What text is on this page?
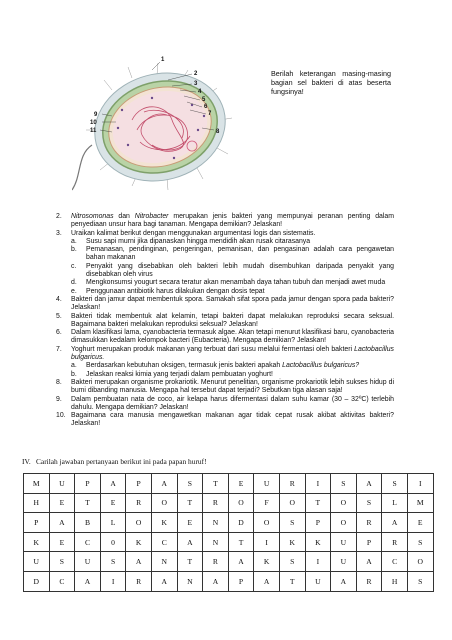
1
2
3
4
5
6
7
8
9
10
11
Berilah keterangan masing-masing bagian sel bakteri di atas beserta fungsinya!
2.	Nitrosomonas dan Nitrobacter merupakan jenis bakteri yang mempunyai peranan penting dalam penyediaan unsur hara bagi tanaman. Mengapa demikian? Jelaskan!
3.	Uraikan kalimat berikut dengan menggunakan argumentasi logis dan sistematis.
a.	Susu sapi murni jika dipanaskan hingga mendidih akan rusak citarasanya
b.	Pemanasan, pendinginan, pengeringan, pemanisan, dan pengasinan adalah cara pengawetan bahan makanan
c.	Penyakit yang disebabkan oleh bakteri lebih mudah disembuhkan daripada penyakit yang disebabkan oleh virus
d.	Mengkonsumsi yougurt secara teratur akan menambah daya tahan tubuh dan menjadi awet muda
e.	Penggunaan antibiotik harus dilakukan dengan dosis tepat
4.	Bakteri dan jamur dapat membentuk spora. Samakah sifat spora pada jamur dengan spora pada bakteri? Jelaskan!
5.	Bakteri tidak membentuk alat kelamin, tetapi bakteri dapat melakukan reproduksi secara seksual. Bagaimana bakteri melakukan reproduksi seksual? Jelaskan!
6.	Dalam klasifikasi lama, cyanobacteria termasuk algae. Akan tetapi menurut klasifikasi baru, cyanobacteria dimasukkan kedalam kelompok bacteri (Eubacteria). Mengapa demikian? Jelaskan!
7.	Yoghurt merupakan produk makanan yang terbuat dari susu melalui fermentasi oleh bakteri Lactobacillus bulgaricus.
a.	Berdasarkan kebutuhan oksigen, termasuk jenis bakteri apakah Lactobacillus bulgaricus?
b.	Jelaskan reaksi kimia yang terjadi dalam pembuatan yoghurt!
8.	Bakteri merupakan organisme prokariotik. Menurut penelitian, organisme prokariotik lebih sukses hidup di bumi dibanding manusia. Mengapa hal tersebut dapat terjadi? Sebutkan tiga alasan saja!
9.	Dalam pembuatan nata de coco, air kelapa harus difermentasi dalam suhu kamar (30 – 32ºC) terlebih dahulu. Mengapa demikian? Jelaskan!
10. Bagaimana cara manusia mengawetkan makanan agar tidak cepat rusak akibat aktivitas bakteri? Jelaskan!
IV. Carilah jawaban pertanyaan berikut ini pada papan huruf!
M	U	P	A	P	A	S	T	E	U	R	I	S	A	S	I
H	E	T	E	R	O	T	R	O	F	O	T	O	S	L	M
P	A	B	L	O	K	E	N	D	O	S	P	O	R	A	E
K	E	C	0	K	C	A	N	T	I	K	K	U	P	R	S
U	S	U	S	A	N	T	R	A	K	S	I	U	A	C	O
D	C	A	I	R	A	N	A	P	A	T	U	A	R	H	S
